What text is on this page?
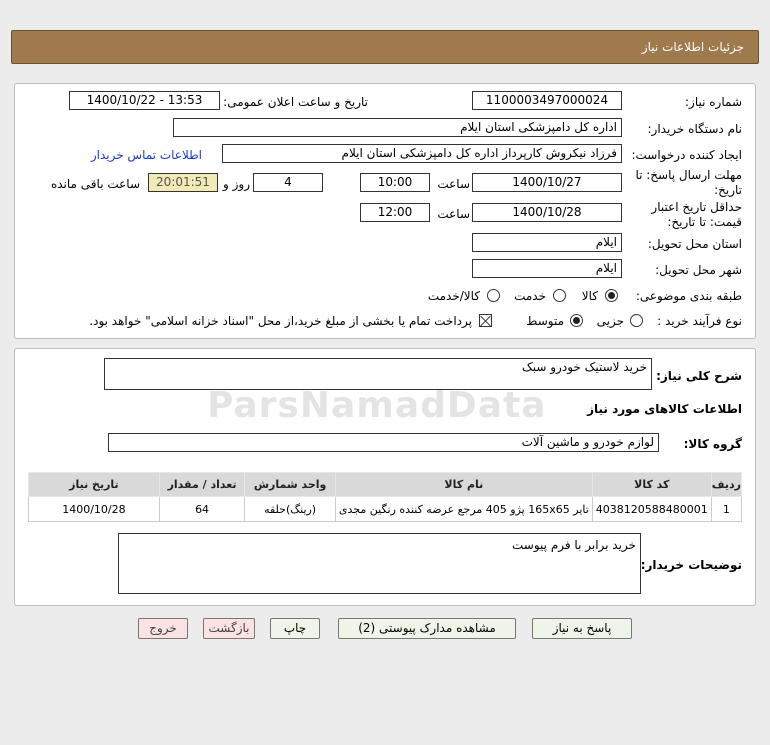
جزئیات اطلاعات نیاز
شماره نیاز:
1100003497000024
تاریخ و ساعت اعلان عمومی:
1400/10/22 - 13:53
نام دستگاه خریدار:
اداره کل دامپزشکی استان ایلام
ایجاد کننده درخواست:
فرزاد نیکروش کارپرداز اداره کل دامپزشکی استان ایلام
اطلاعات تماس خریدار
مهلت ارسال پاسخ: تا
تاریخ:
1400/10/27
ساعت
10:00
4
روز و
20:01:51
ساعت باقی مانده
حداقل تاریخ اعتبار
قیمت: تا تاریخ:
1400/10/28
ساعت
12:00
استان محل تحویل:
ایلام
شهر محل تحویل:
ایلام
طبقه بندی موضوعی:
کالا
خدمت
کالا/خدمت
نوع فرآیند خرید :
جزیی
متوسط
پرداخت تمام یا بخشی از مبلغ خرید،از محل "اسناد خزانه اسلامی" خواهد بود.
شرح کلی نیاز:
خرید لاستیک خودرو سبک
اطلاعات کالاهای مورد نیاز
گروه کالا:
لوازم خودرو و ماشین آلات
ردیف	کد کالا	نام کالا	واحد شمارش	تعداد / مقدار	تاریخ نیاز
1	4038120588480001	تایر 165x65 پژو 405 مرجع عرضه کننده رنگین مجدی	(رینگ)حلقه	64	1400/10/28
توضیحات خریدار:
خرید برابر با فرم پیوست
پاسخ به نیاز
مشاهده مدارک پیوستی (2)
چاپ
بازگشت
خروج
ParsNamadData
